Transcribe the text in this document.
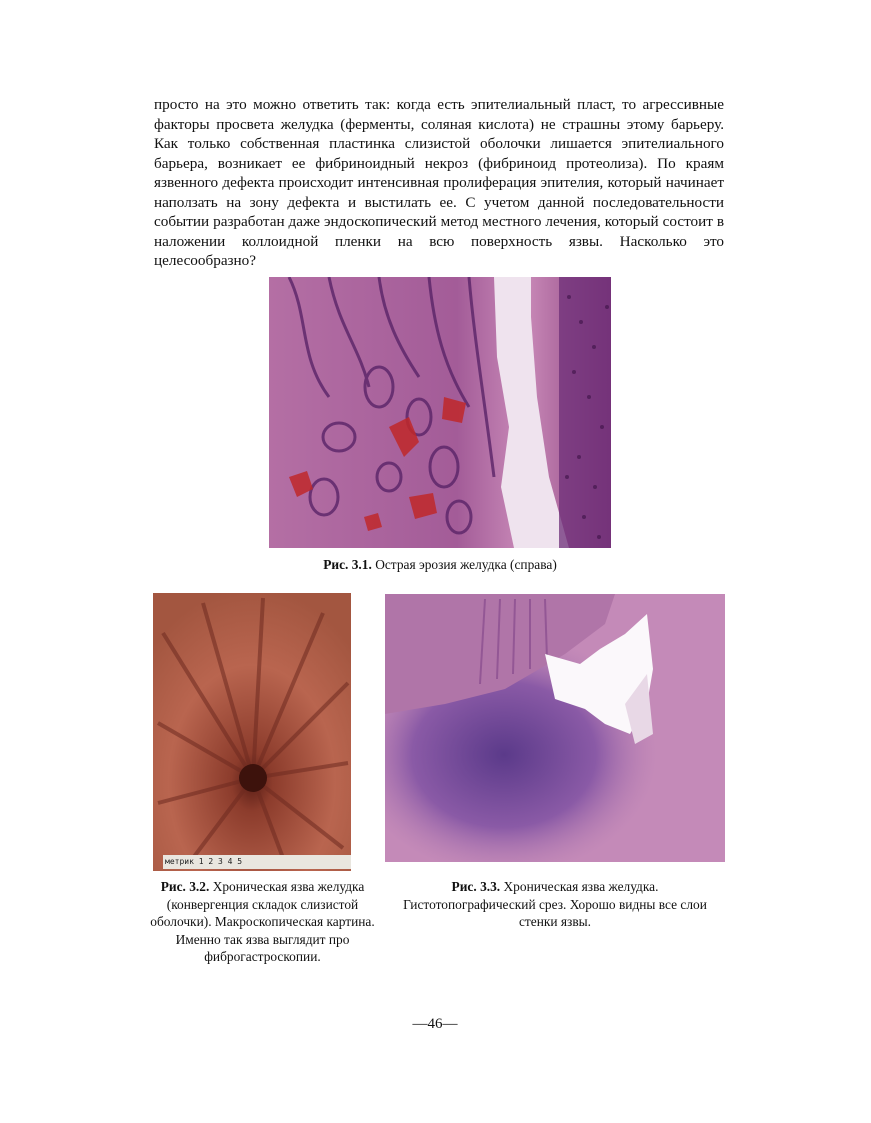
просто на это можно ответить так: когда есть эпителиальный пласт, то агрессивные факторы просвета желудка (ферменты, соляная кислота) не страшны этому барьеру. Как только собственная пластинка слизистой оболочки лишается эпителиального барьера, возникает ее фибриноидный некроз (фибриноид протеолиза). По краям язвенного дефекта происходит интенсивная пролиферация эпителия, который начинает наползать на зону дефекта и выстилать ее. С учетом данной последовательности событии разработан даже эндоскопический метод местного лечения, который состоит в наложении коллоидной пленки на всю поверхность язвы. Насколько это целесообразно?

Рис. 3.1. Острая эрозия желудка (справа)

метрик 1 2 3 4 5

Рис. 3.2. Хроническая язва желудка (конвергенция складок слизистой оболочки). Макроскопическая картина. Именно так язва выглядит про фиброгастроскопии.

Рис. 3.3. Хроническая язва желудка. Гистотопографический срез. Хорошо видны все слои стенки язвы.

—46—
